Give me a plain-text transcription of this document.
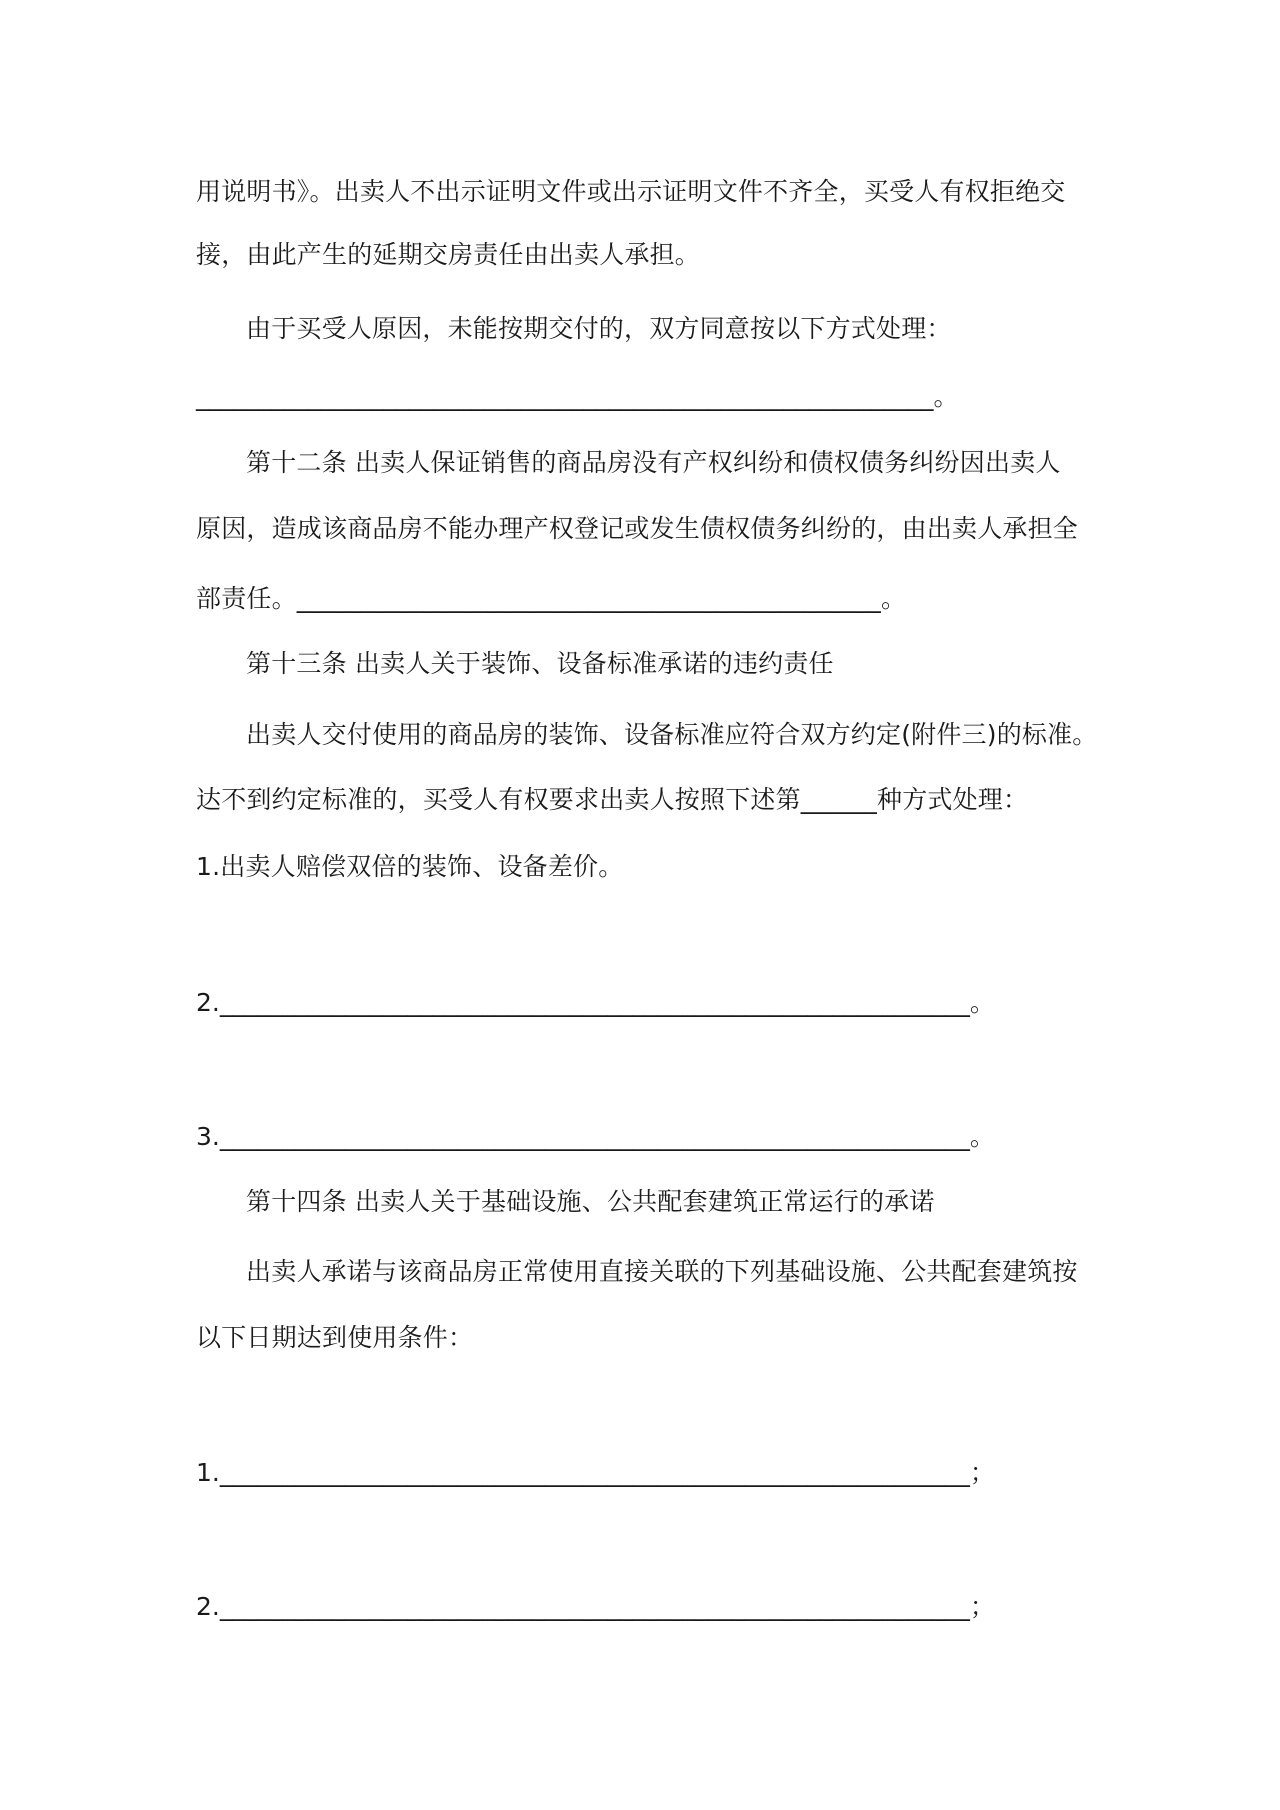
用说明书》。出卖人不出示证明文件或出示证明文件不齐全，买受人有权拒绝交
接，由此产生的延期交房责任由出卖人承担。
由于买受人原因，未能按期交付的，双方同意按以下方式处理：
___________________________________________________________。
第十二条 出卖人保证销售的商品房没有产权纠纷和债权债务纠纷因出卖人
原因，造成该商品房不能办理产权登记或发生债权债务纠纷的，由出卖人承担全
部责任。______________________________________________。
第十三条 出卖人关于装饰、设备标准承诺的违约责任
出卖人交付使用的商品房的装饰、设备标准应符合双方约定(附件三)的标准。
达不到约定标准的，买受人有权要求出卖人按照下述第______种方式处理：
1.出卖人赔偿双倍的装饰、设备差价。
2.____________________________________________________________。
3.____________________________________________________________。
第十四条 出卖人关于基础设施、公共配套建筑正常运行的承诺
出卖人承诺与该商品房正常使用直接关联的下列基础设施、公共配套建筑按
以下日期达到使用条件：
1.____________________________________________________________；
2.____________________________________________________________；
